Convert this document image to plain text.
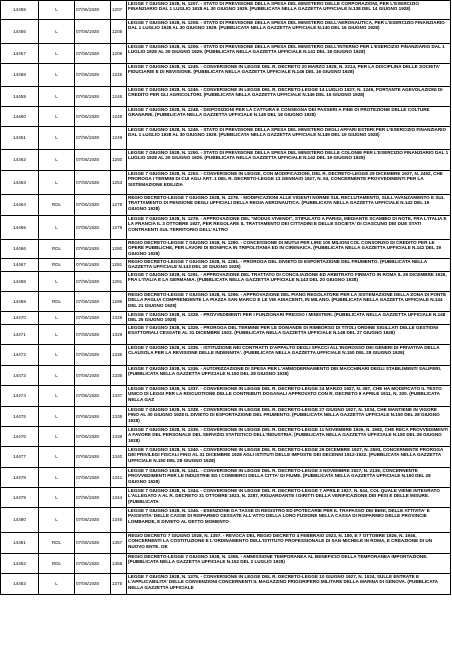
14455	L	07/06/1928	1207	LEGGE 7 GIUGNO 1928, N. 1207. - STATO DI PREVISIONE DELLA SPESA DEL MINISTERO DELLE CORPORAZIONI, PER L'ESERCIZIO FINANZIARIO DAL 1 LUGLIO 1928 AL 30 GIUGNO 1929. (PUBBLICATA NELLA GAZZETTA UFFICIALE N.138 DEL 14 GIUGNO 1928)
14456	L	07/06/1928	1208	LEGGE 7 GIUGNO 1928, N. 1208. - STATO DI PREVISIONE DELLA SPESA DEL MINISTERO DELL'AERONAUTICA, PER L'ESERCIZIO FINANZIARIO DAL 1 LUGLIO 1928 AL 30 GIUGNO 1929. (PUBBLICATA NELLA GAZZETTA UFFICIALE N.140 DEL 16 GIUGNO 1928)
14457	L	07/06/1928	1209	LEGGE 7 GIUGNO 1928, N. 1209. - STATO DI PREVISIONE DELLA SPESA DEL MINISTERO DELL'INTERNO PER L'ESERCIZIO FINANZIARIO DAL 1 LUGLIO 1928 AL 30 GIUGNO 1929. (PUBBLICATA NELLA GAZZETTA UFFICIALE N.141 DEL 18 GIUGNO 1928)
14458	L	07/06/1928	1245	LEGGE 7 GIUGNO 1928, N. 1245. - CONVERSIONE IN LEGGE DEL R. DECRETO 20 MARZO 1928, N. 2214, PER LA DISCIPLINA DELLE SOCIETA' FIDUCIARIE E DI REVISIONE. (PUBBLICATA NELLA GAZZETTA UFFICIALE N.146 DEL 16 GIUGNO 1928)
14459	L	07/06/1928	1246	LEGGE 7 GIUGNO 1928, N. 1246. - CONVERSIONE IN LEGGE DEL R. DECRETO-LEGGE 14 LUGLIO 1927, N. 1249, PORTANTE AGEVOLAZIONI DI CREDITO PER GLI AGRICOLTORI. (PUBBLICATA NELLA GAZZETTA UFFICIALE N.146 DEL 16 GIUGNO 1928)
14460	L	07/06/1928	1248	LEGGE 7 GIUGNO 1928, N. 1248. - DISPOSIZIONI PER LA CATTURA E CONSEGNA DEI PASSERI A FINE DI PROTEZIONE DELLE COLTURE GRANARIE. (PUBBLICATA NELLA GAZZETTA UFFICIALE N.149 DEL 18 GIUGNO 1928)
14461	L	07/06/1928	1249	LEGGE 7 GIUGNO 1928, N. 1249. - STATO DI PREVISIONE DELLA SPESA DEL MINISTERO DEGLI AFFARI ESTERI PER L'ESERCIZIO FINANZIARIO DAL 1 LUGLIO 1928 AL 30 GIUGNO 1929. (PUBBLICATA NELLA GAZZETTA UFFICIALE N.149 DEL 19 GIUGNO 1928)
14462	L	07/06/1928	1250	LEGGE 7 GIUGNO 1928, N. 1250. - STATO DI PREVISIONE DELLA SPESA DEL MINISTERO DELLE COLONIE PER L'ESERCIZIO FINANZIARIO DAL 1 LUGLIO 1928 AL 30 GIUGNO 1929. (PUBBLICATA NELLA GAZZETTA UFFICIALE N.142 DEL 19 GIUGNO 1928)
14463	L	07/06/1928	1253	LEGGE 7 GIUGNO 1928, N. 1253. - CONVERSIONE IN LEGGE, CON MODIFICAZIONI, DEL R. DECRETO-LEGGE 29 DICEMBRE 1927, N. 2452, CHE PROROGA I TERMINI DI CUI AGLI ART. 1 DEL R. DECRETO-LEGGE 13 GENNAIO 1927, N. 53, CONCERNENTE PROVVEDIMENTI PER LA SISTEMAZIONE EDILIZIA
14464	RDL	07/06/1928	1278	REGIO DECRETO-LEGGE 7 GIUGNO 1928, N. 1278. - MODIFICAZIONI ALLE VIGENTI NORME SUL RECLUTAMENTO, SULL'AVANZAMENTO E SUL TRATTAMENTO DI PENSIONE DEGLI UFFICIALI DELLA REGIA AERONAUTICA. (PUBBLICATA NELLA GAZZETTA UFFICIALE N.142 DEL 19 GIUGNO 1928)
14465	L	07/06/1928	1279	LEGGE 7 GIUGNO 1928, N. 1279. - APPROVAZIONE DEL "MODUS VIVENDI", STIPULATO A PARIGI, MEDIANTE SCAMBIO DI NOTE, FRA L'ITALIA E LA FRANCIA IL 3 OTTOBRE 1927, PER REGOLARE IL TRATTAMENTO DEI CITTADINI E DELLE SOCIETA' DI CIASCUNO DEI DUE STATI CONTRAENTI SUL TERRITORIO DELL'ALTRO
14466	RDL	07/06/1928	1280	REGIO DECRETO-LEGGE 7 GIUGNO 1928, N. 1280. - CONCESSIONE DI MUTUI PER LIRE 100 MILIONI COL CONSORZIO DI CREDITO PER LE OPERE PUBBLICHE, PER LAVORI DI BONIFICA IN TRIPOLITANIA ED IN CIRENAICA. (PUBBLICATA NELLA GAZZETTA UFFICIALE N.142 DEL 19 GIUGNO 1928)
14467	RDL	07/06/1928	1281	REGIO DECRETO-LEGGE 7 GIUGNO 1928, N. 1281. - PROROGA DEL DIVIETO DI ESPORTAZIONE DEL FRUMENTO. (PUBBLICATA NELLA GAZZETTA UFFICIALE N.143 DEL 20 GIUGNO 1928)
14468	L	07/06/1928	1291	LEGGE 7 GIUGNO 1928, N. 1291. - APPROVAZIONE DEL TRATTATO DI CONCILIAZIONE ED ARBITRATO FIRMATO IN ROMA IL 29 DICEMBRE 1926, FRA L'ITALIA E LA GERMANIA. (PUBBLICATA NELLA GAZZETTA UFFICIALE N.143 DEL 20 GIUGNO 1928)
14469	RDL	07/06/1928	1296	REGIO DECRETO-LEGGE 7 GIUGNO 1928, N. 1296. - APPROVAZIONE DEL PIANO REGOLATORE PER LA SISTEMAZIONE DELLA ZONA DI PONTE DELLA PAGLIA COMPRENDENTE LA PIAZZA SAN MARCO E LE VIE ADIACENTI, IN MILANO. (PUBBLICATA NELLA GAZZETTA UFFICIALE N.144 DEL 21 GIUGNO 1928)
14470	L	07/06/1928	1328	LEGGE 7 GIUGNO 1928, N. 1328. - PROVVEDIMENTI PER I FUNZIONARI PRESSO I MINISTERI. (PUBBLICATA NELLA GAZZETTA UFFICIALE N.148 DEL 25 GIUGNO 1928)
14471	L	07/06/1928	1329	LEGGE 7 GIUGNO 1928, N. 1329. - PROROGA DEL TERMINE PER LE DOMANDE DI RIMBORSO DI TITOLI ORDINE SIGILLATI DELLE GESTIONI ESATTORIALI CESSATE AL 31 DICEMBRE 1922. (PUBBLICATA NELLA GAZZETTA UFFICIALE N.148 DEL 27 GIUGNO 1928)
14472	L	07/06/1928	1335	LEGGE 7 GIUGNO 1928, N. 1335. - ISTITUZIONE NEI CONTRATTI D'APPALTO DEGLI SPACCI ALL'INGROSSO DEI GENERI DI PRIVATIVA DELLA CLAUSOLA PER LA REVISIONE DELLE INDENNITA'. (PUBBLICATA NELLA GAZZETTA UFFICIALE N.150 DEL 28 GIUGNO 1928)
14473	L	07/06/1928	1336	LEGGE 7 GIUGNO 1928, N. 1336. - AUTORIZZAZIONE DI SPESA PER L'AMMODERNAMENTO DEI MACCHINARI DEGLI STABILIMENTI SALIFERI. (PUBBLICATA NELLA GAZZETTA UFFICIALE N.150 DEL 28 GIUGNO 1928)
14474	L	07/06/1928	1337	LEGGE 7 GIUGNO 1928, N. 1337. - CONVERSIONE IN LEGGE DEL R. DECRETO-LEGGE 24 MARZO 1927, N. 387, CHE HA MODIFICATO IL TESTO UNICO DI LEGGI PER LA RISCUOTIONE DELLE CONTRIBUTI DOGANALI APPROVATO CON R. DECRETO 9 APRILE 1911, N. 330. (PUBBLICATA NELLA GAZ
14475	L	07/06/1928	1338	LEGGE 7 GIUGNO 1928, N. 1338. - CONVERSIONE IN LEGGE DEL R. DECRETO-LEGGE 27 GIUGNO 1927, N. 1034, CHE MANTIENE IN VIGORE FINO AL 30 GIUGNO 1928 IL DIVIETO DI ESPORTAZIONE DEL FRUMENTO. (PUBBLICATA NELLA GAZZETTA UFFICIALE N.150 DEL 28 GIUGNO 1928)
14476	L	07/06/1928	1339	LEGGE 7 GIUGNO 1928, N. 1339. - CONVERSIONE IN LEGGE DEL R. DECRETO-LEGGE 11 NOVEMBRE 1926, N. 1992, CHE RECA PROVVEDIMENTI A FAVORE DEL PERSONALE DEL SERVIZIO STATISTICO DELL'INDUSTRIA. (PUBBLICATA NELLA GAZZETTA UFFICIALE N.150 DEL 28 GIUGNO 1928)
14477	L	07/06/1928	1340	LEGGE 7 GIUGNO 1928, N. 1340. - CONVERSIONE IN LEGGE DEL R. DECRETO-LEGGE 29 DICEMBRE 1927, N. 2593, CONCERNENTE PROROGA DEI PRIVILEGI FISCALI FINO AL 31 DICEMBRE 1928 AGLI ISTITUTI DELLE IMPOSTE DEI DECENNI 1912-1922. (PUBBLICATA NELLA GAZZETTA UFFICIALE N.150 DEL 28 GIUGNO 1928)
14478	L	07/06/1928	1341	LEGGE 7 GIUGNO 1928, N. 1341. - CONVERSIONE IN LEGGE DEL R. DECRETO-LEGGE 3 NOVEMBRE 1927, N. 2138, CONCERNENTE PROVVEDIMENTI PER LE INDUSTRIE ED I COMMERCI DELLA CITTA' DI FIUME. (PUBBLICATA NELLA GAZZETTA UFFICIALE N.150 DEL 28 GIUGNO 1928)
14479	L	07/06/1928	1344	LEGGE 7 GIUGNO 1928, N. 1344. - CONVERSIONE IN LEGGE DEL R. DECRETO-LEGGE 7 APRILE 1927, N. 544, COL QUALE VIENE INTEGRATO L'ALLEGATO A AL R. DECRETO 31 OTTOBRE 1923, N. 2287, RIGUARDANTE I DIRITTI DELLA VERIFICAZIONE DEI PESI E DELLE MISURE. (PUBBLICATA
14480	L	07/06/1928	1346	LEGGE 7 GIUGNO 1928, N. 1346. - ESENZIONE DA TASSE DI REGISTRO ED IPOTECARIE PER IL TRAPASSO DEI BENI, DELLE ATTIVITA' E PASSIVITA' DELLE CASSE DI RISPARMIO CESSATE ALL'ATTO DELLA LORO FUSIONE NELLA CASSA DI RISPARMIO DELLE PROVINCIE LOMBARDE, E DIVIETO AL DETTO MOMENTO
14481	RDL	07/06/1928	1357	REGIO DECRETO 7 GIUGNO 1928, N. 1357. - REVOCA DEL REGIO DECRETO 4 FEBBRAIO 1923, N. 180, E 7 OTTOBRE 1926, N. 1946, CONCERNENTI LA COSTITUZIONE E L'ORDINAMENTO DELL'ISTITUTO PROFESSIONALE DI SAN MICHELE IN ROMA, E CREAZIONE DI UN NUOVO ENTE. OE
14482	RDL	07/06/1928	1358	REGIO DECRETO-LEGGE 7 GIUGNO 1928, N. 1358. - AMMISSIONE TEMPORANEA AL BENEFICIO DELLA TEMPORANEA IMPORTAZIONE. (PUBBLICATA NELLA GAZZETTA UFFICIALE N.152 DEL 2 LUGLIO 1928)
14483	L	07/06/1928	1375	LEGGE 7 GIUGNO 1928, N. 1375. - CONVERSIONE IN LEGGE DEL R. DECRETO-LEGGE 10 GIUGNO 1927, N. 1024, SULLE ENTRATE E L'APPLICABILITA' DELLE CONVENZIONI CONCERNENTI IL MAGAZZINO FRIGORIFERO MILITARE DELLA MARINA DI GENOVA. (PUBBLICATA NELLA GAZZETTA UFFICIALE
